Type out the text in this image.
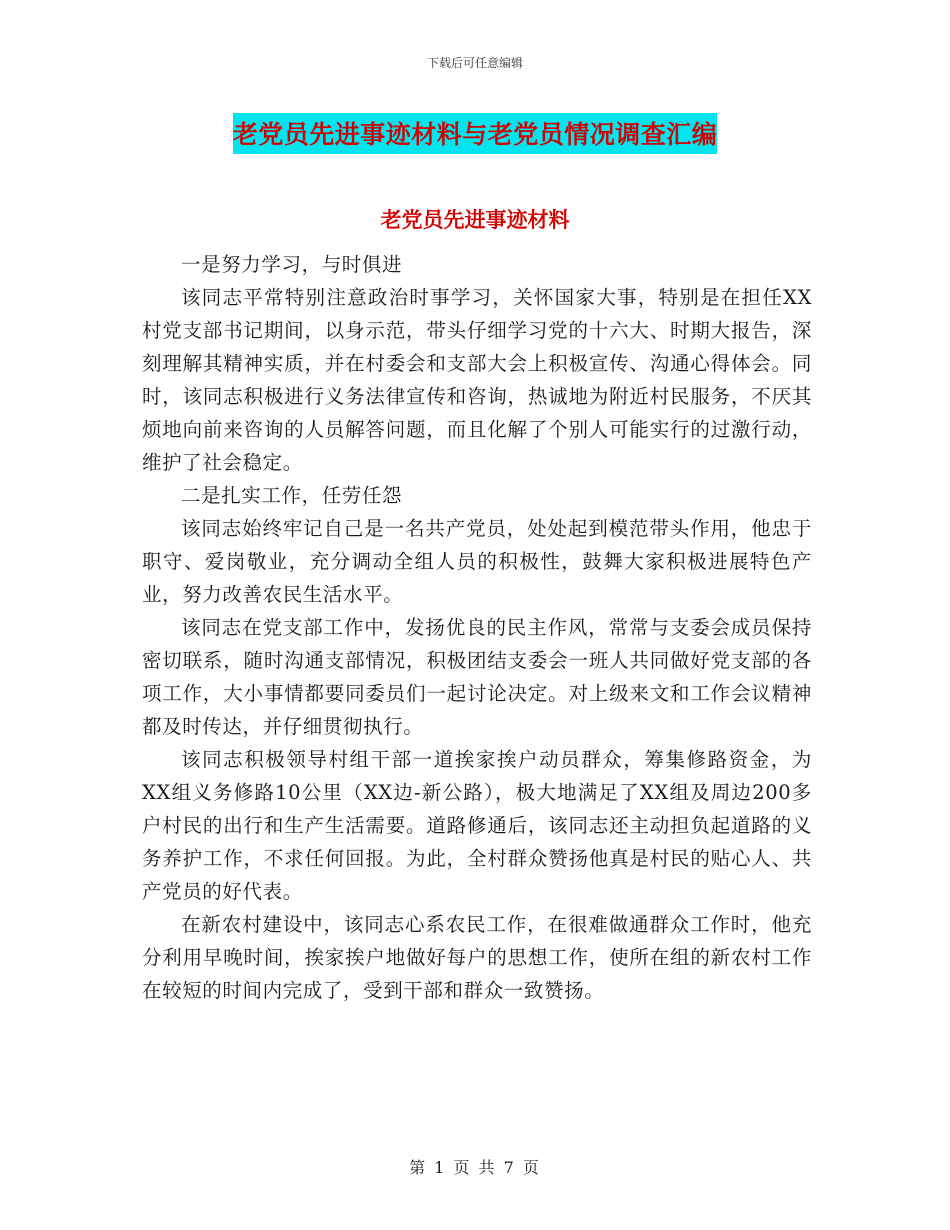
下载后可任意编辑
老党员先进事迹材料与老党员情况调查汇编
老党员先进事迹材料

一是努力学习，与时俱进

该同志平常特别注意政治时事学习，关怀国家大事，特别是在担任XX村党支部书记期间，以身示范，带头仔细学习党的十六大、时期大报告，深刻理解其精神实质，并在村委会和支部大会上积极宣传、沟通心得体会。同时，该同志积极进行义务法律宣传和咨询，热诚地为附近村民服务，不厌其烦地向前来咨询的人员解答问题，而且化解了个别人可能实行的过激行动，维护了社会稳定。

二是扎实工作，任劳任怨

该同志始终牢记自己是一名共产党员，处处起到模范带头作用，他忠于职守、爱岗敬业，充分调动全组人员的积极性，鼓舞大家积极进展特色产业，努力改善农民生活水平。

该同志在党支部工作中，发扬优良的民主作风，常常与支委会成员保持密切联系，随时沟通支部情况，积极团结支委会一班人共同做好党支部的各项工作，大小事情都要同委员们一起讨论决定。对上级来文和工作会议精神都及时传达，并仔细贯彻执行。

该同志积极领导村组干部一道挨家挨户动员群众，筹集修路资金，为XX组义务修路10公里（XX边-新公路），极大地满足了XX组及周边200多户村民的出行和生产生活需要。道路修通后，该同志还主动担负起道路的义务养护工作，不求任何回报。为此，全村群众赞扬他真是村民的贴心人、共产党员的好代表。

在新农村建设中，该同志心系农民工作，在很难做通群众工作时，他充分利用早晚时间，挨家挨户地做好每户的思想工作，使所在组的新农村工作在较短的时间内完成了，受到干部和群众一致赞扬。

第 1 页 共 7 页
